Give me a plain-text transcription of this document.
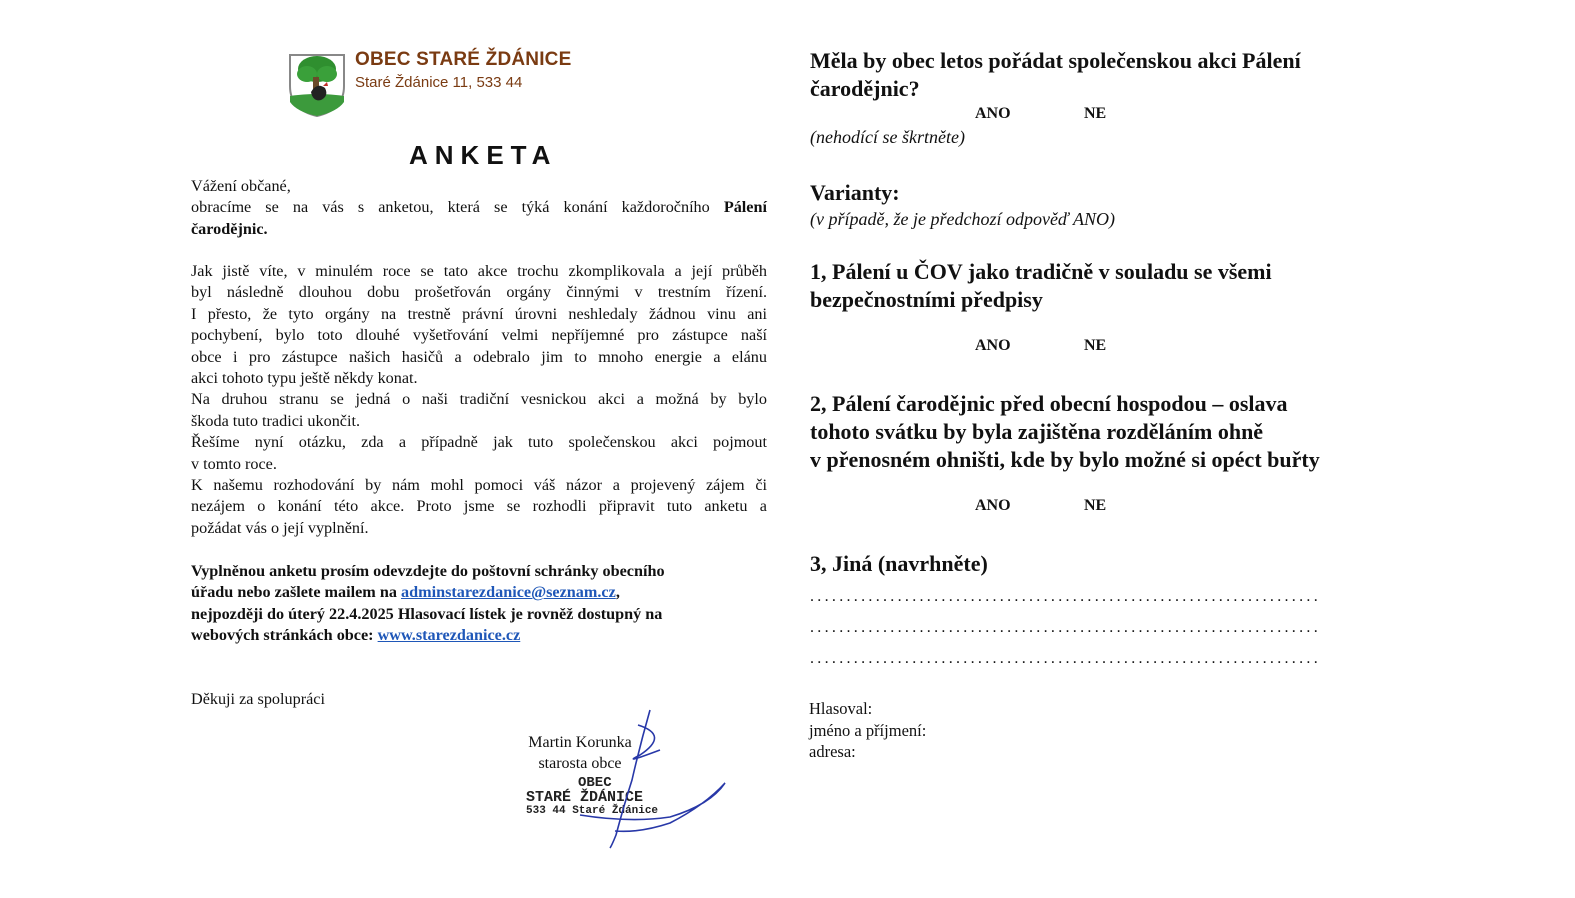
OBEC STARÉ ŽDÁNICE
Staré Ždánice 11, 533 44
ANKETA
Vážení občané,
obracíme se na vás s anketou, která se týká konání každoročního Pálení
čarodějnic.
Jak jistě víte, v minulém roce se tato akce trochu zkomplikovala a její průběh
byl následně dlouhou dobu prošetřován orgány činnými v trestním řízení.
I přesto, že tyto orgány na trestně právní úrovni neshledaly žádnou vinu ani
pochybení, bylo toto dlouhé vyšetřování velmi nepříjemné pro zástupce naší
obce i pro zástupce našich hasičů a odebralo jim to mnoho energie a elánu
akci tohoto typu ještě někdy konat.
Na druhou stranu se jedná o naši tradiční vesnickou akci a možná by bylo
škoda tuto tradici ukončit.
Řešíme nyní otázku, zda a případně jak tuto společenskou akci pojmout
v tomto roce.
K našemu rozhodování by nám mohl pomoci váš názor a projevený zájem či
nezájem o konání této akce. Proto jsme se rozhodli připravit tuto anketu a
požádat vás o její vyplnění.
Vyplněnou anketu prosím odevzdejte do poštovní schránky obecního
úřadu nebo zašlete mailem na adminstarezdanice@seznam.cz,
nejpozději do úterý 22.4.2025 Hlasovací lístek je rovněž dostupný na
webových stránkách obce: www.starezdanice.cz
Děkuji za spolupráci
Martin Korunka
starosta obce
OBEC
STARÉ ŽDÁNICE
533 44 Staré Ždánice
Měla by obec letos pořádat společenskou akci Pálení
čarodějnic?
ANO	NE
(nehodící se škrtněte)
Varianty:
(v případě, že je předchozí odpověď ANO)
1, Pálení u ČOV jako tradičně v souladu se všemi
bezpečnostními předpisy
ANO	NE
2, Pálení čarodějnic před obecní hospodou – oslava
tohoto svátku by byla zajištěna rozděláním ohně
v přenosném ohništi, kde by bylo možné si opéct buřty
ANO	NE
3, Jiná (navrhněte)
......................................................................
......................................................................
......................................................................
Hlasoval:
jméno a příjmení:
adresa:
